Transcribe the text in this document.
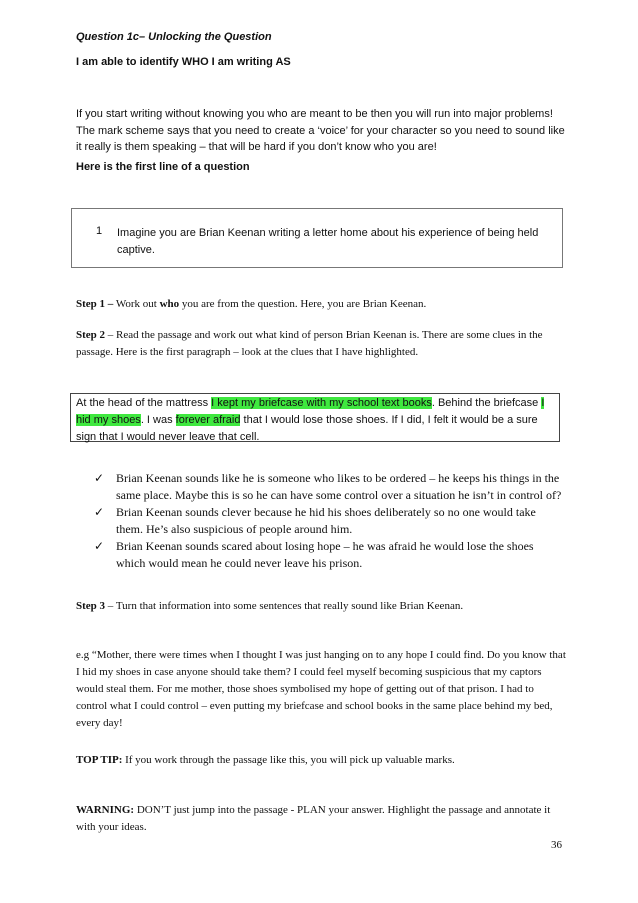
Question 1c– Unlocking the Question
I am able to identify WHO I am writing AS
If you start writing without knowing you who are meant to be then you will run into major problems! The mark scheme says that you need to create a ‘voice’ for your character so you need to sound like it really is them speaking – that will be hard if you don’t know who you are!
Here is the first line of a question
1 Imagine you are Brian Keenan writing a letter home about his experience of being held captive.
Step 1 – Work out who you are from the question. Here, you are Brian Keenan.
Step 2 – Read the passage and work out what kind of person Brian Keenan is. There are some clues in the passage. Here is the first paragraph – look at the clues that I have highlighted.
At the head of the mattress I kept my briefcase with my school text books. Behind the briefcase I hid my shoes. I was forever afraid that I would lose those shoes. If I did, I felt it would be a sure sign that I would never leave that cell.
✓ Brian Keenan sounds like he is someone who likes to be ordered – he keeps his things in the same place. Maybe this is so he can have some control over a situation he isn’t in control of?
✓ Brian Keenan sounds clever because he hid his shoes deliberately so no one would take them. He’s also suspicious of people around him.
✓ Brian Keenan sounds scared about losing hope – he was afraid he would lose the shoes which would mean he could never leave his prison.
Step 3 – Turn that information into some sentences that really sound like Brian Keenan.
e.g “Mother, there were times when I thought I was just hanging on to any hope I could find. Do you know that I hid my shoes in case anyone should take them? I could feel myself becoming suspicious that my captors would steal them. For me mother, those shoes symbolised my hope of getting out of that prison. I had to control what I could control – even putting my briefcase and school books in the same place behind my bed, every day!
TOP TIP: If you work through the passage like this, you will pick up valuable marks.
WARNING: DON’T just jump into the passage - PLAN your answer. Highlight the passage and annotate it with your ideas.
36
